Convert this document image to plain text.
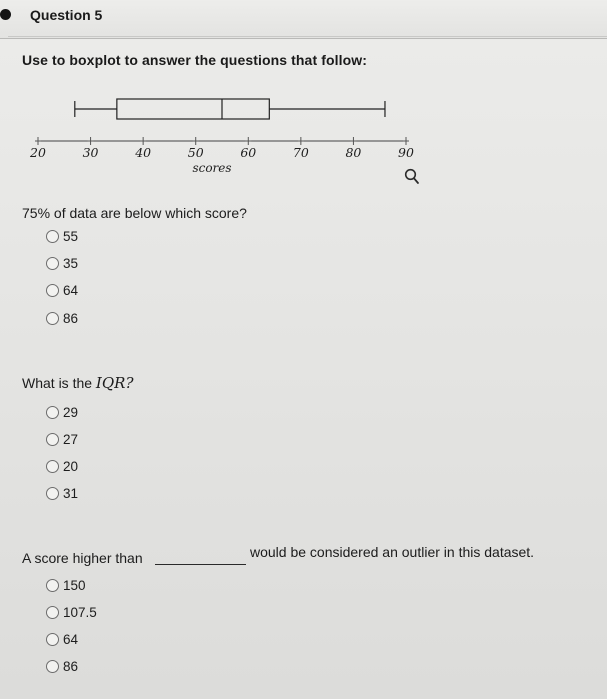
Question 5
Use to boxplot to answer the questions that follow:
20	30	40	50	60	70	80	90
scores
75% of data are below which score?
55
35
64
86
What is the IQR?
29
27
20
31
A score higher than	would be considered an outlier in this dataset.
150
107.5
64
86
